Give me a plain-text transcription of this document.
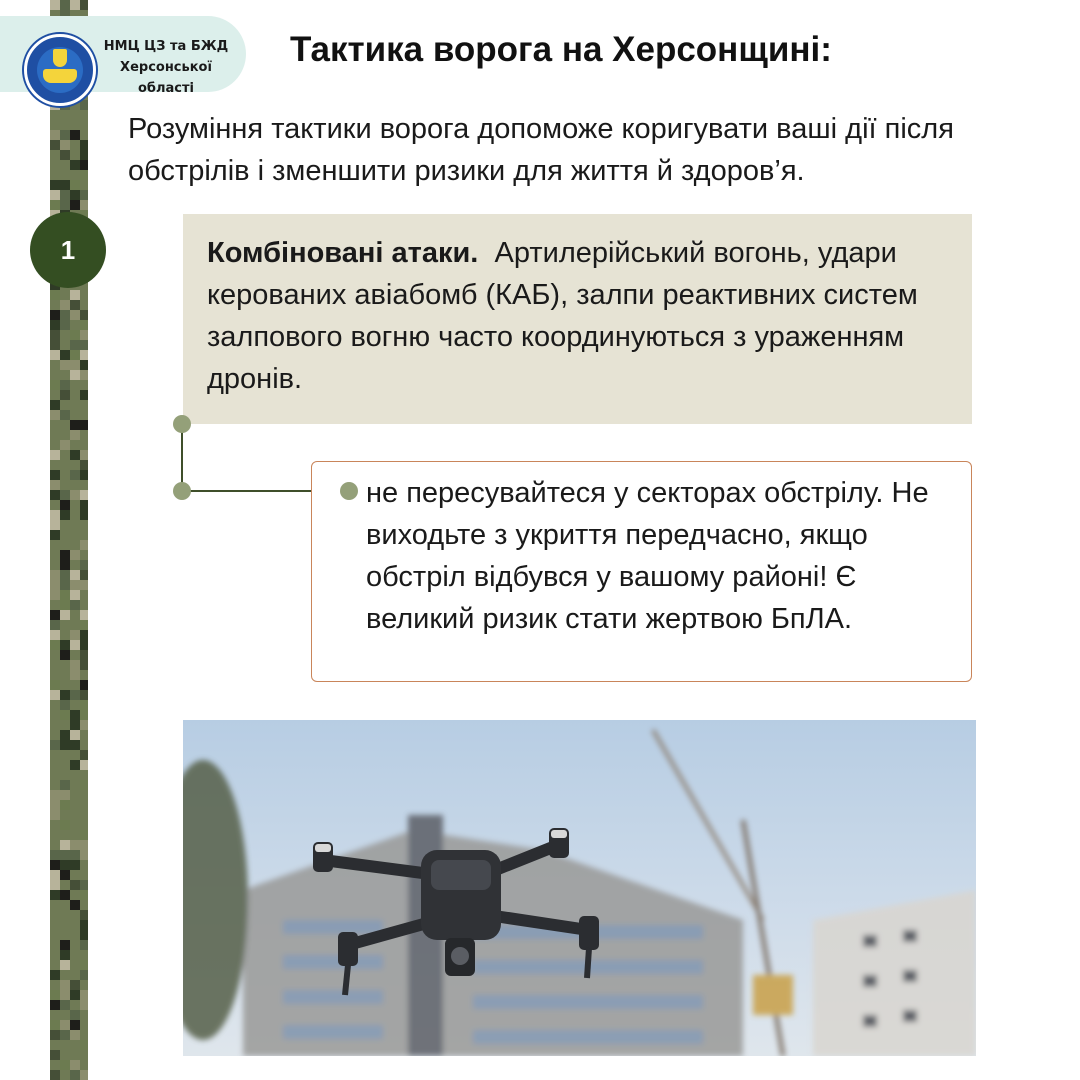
НМЦ ЦЗ та БЖД
Херсонської
області
Тактика ворога на Херсонщині:
Розуміння тактики ворога допоможе коригувати ваші дії після обстрілів і зменшити ризики для життя й здоров’я.
1	Комбіновані атаки. Артилерійський вогонь, удари керованих авіабомб (КАБ), залпи реактивних систем залпового вогню часто координуються з ураженням дронів.
не пересувайтеся у секторах обстрілу. Не виходьте з укриття передчасно, якщо обстріл відбувся у вашому районі! Є великий ризик стати жертвою БпЛА.
